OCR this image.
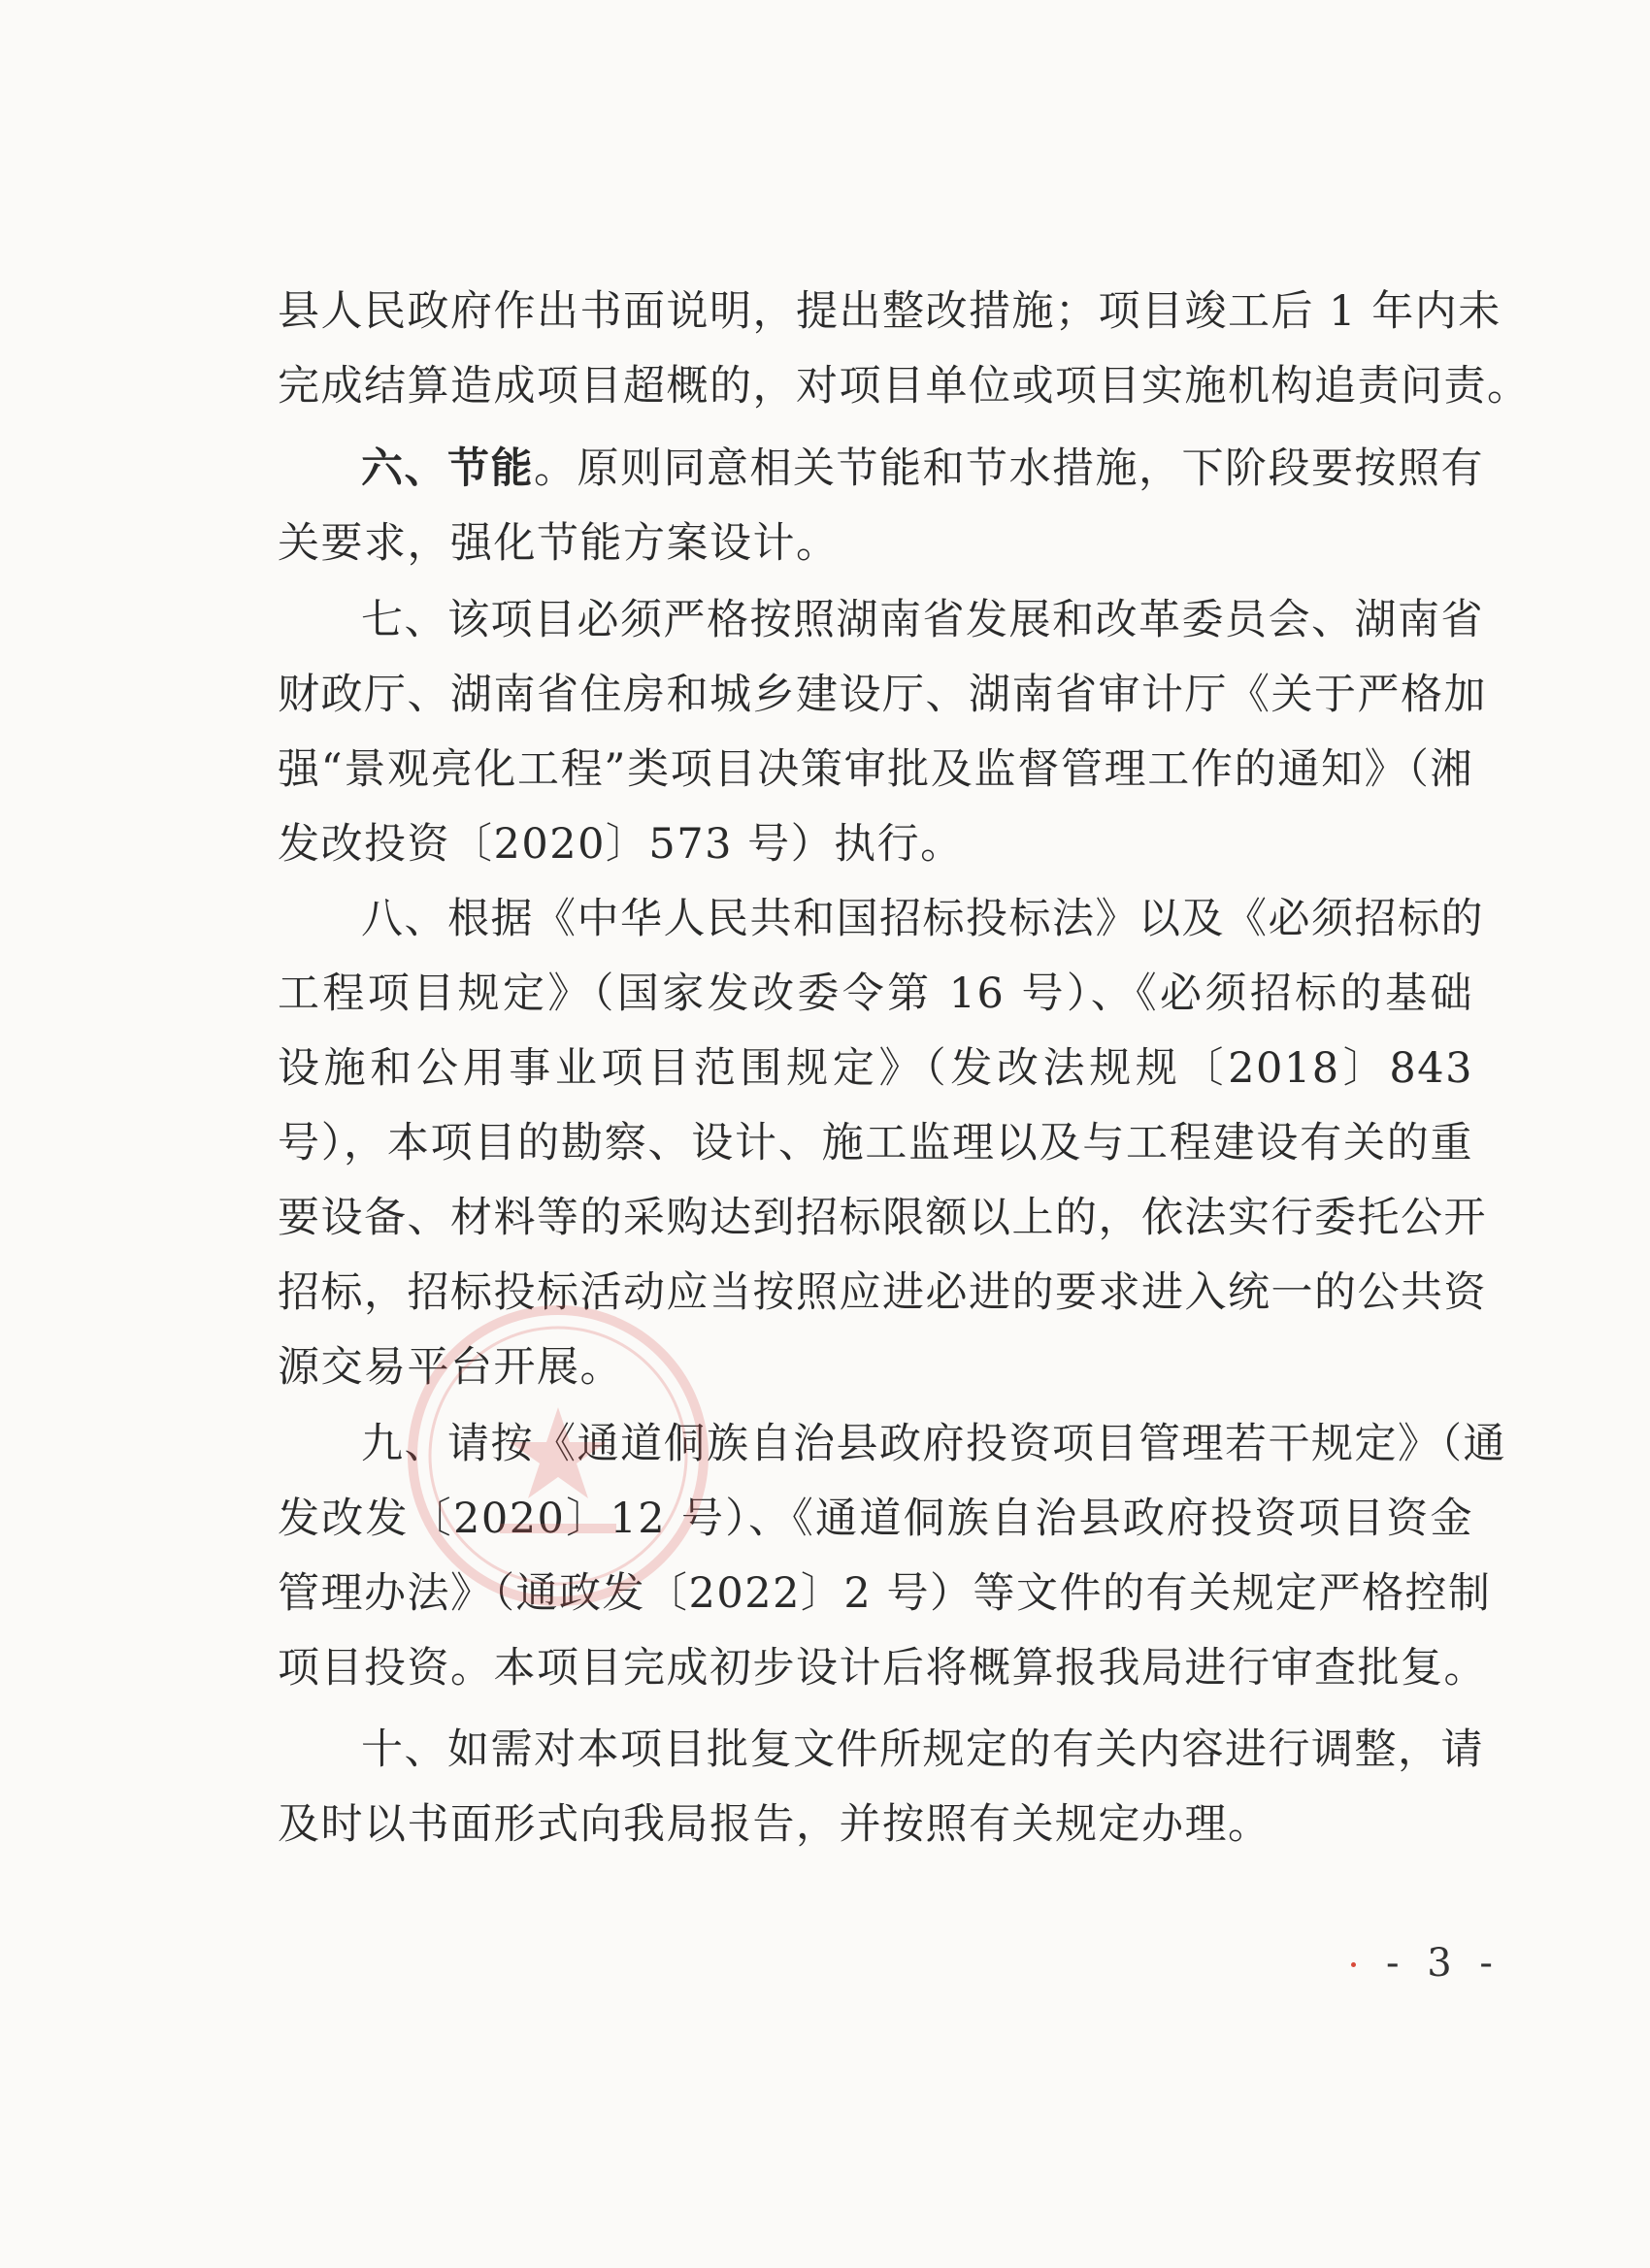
县人民政府作出书面说明，提出整改措施；项目竣工后 1 年内未
完成结算造成项目超概的，对项目单位或项目实施机构追责问责。
六、节能。原则同意相关节能和节水措施，下阶段要按照有
关要求，强化节能方案设计。
七、该项目必须严格按照湖南省发展和改革委员会、湖南省
财政厅、湖南省住房和城乡建设厅、湖南省审计厅《关于严格加
强“景观亮化工程”类项目决策审批及监督管理工作的通知》（湘
发改投资〔2020〕573 号）执行。
八、根据《中华人民共和国招标投标法》以及《必须招标的
工程项目规定》（国家发改委令第 16 号）、《必须招标的基础
设施和公用事业项目范围规定》（发改法规规〔2018〕843
号），本项目的勘察、设计、施工监理以及与工程建设有关的重
要设备、材料等的采购达到招标限额以上的，依法实行委托公开
招标，招标投标活动应当按照应进必进的要求进入统一的公共资
源交易平台开展。
九、请按《通道侗族自治县政府投资项目管理若干规定》（通
发改发〔2020〕12 号）、《通道侗族自治县政府投资项目资金
管理办法》（通政发〔2022〕2 号）等文件的有关规定严格控制
项目投资。本项目完成初步设计后将概算报我局进行审查批复。
十、如需对本项目批复文件所规定的有关内容进行调整，请
及时以书面形式向我局报告，并按照有关规定办理。
- 3 -
